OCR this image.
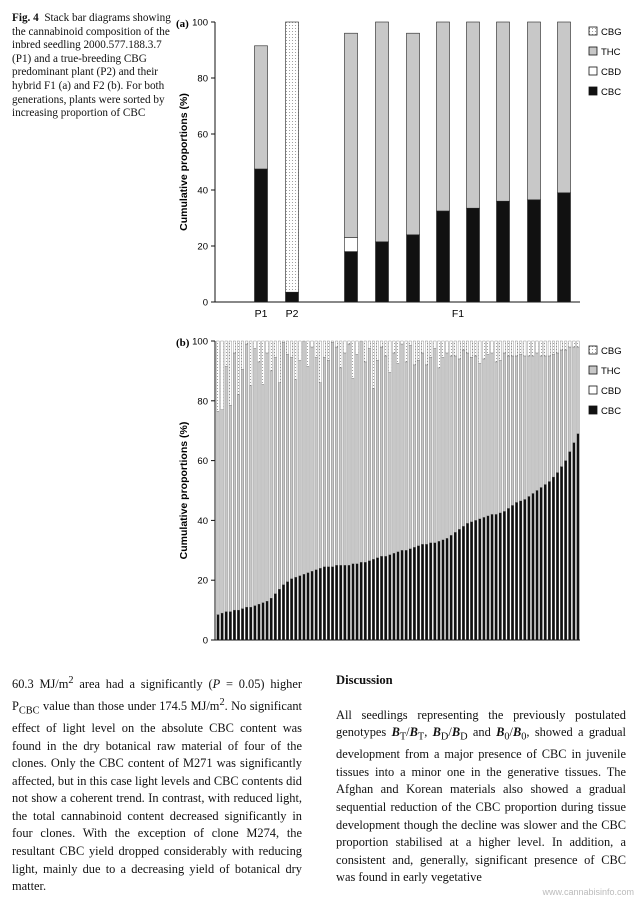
Fig. 4 Stack bar diagrams showing the cannabinoid composition of the inbred seedling 2000.577.188.3.7 (P1) and a true-breeding CBG predominant plant (P2) and their hybrid F1 (a) and F2 (b). For both generations, plants were sorted by increasing proportion of CBC
0
20
40
60
80
100
Cumulative proportions (%)
(a)
CBG
THC
CBD
CBC
P1 P2	F1
0
20
40
60
80
100
Cumulative proportions (%)
(b)
CBG
THC
CBD
CBC

60.3 $MJ/m^2$ area had a significantly (P = 0.05) higher $P_{CBC}$ value than those under 174.5 $MJ/m^2$. No significant effect of light level on the absolute CBC content was found in the dry botanical raw material of four of the clones. Only the CBC content of M271 was significantly affected, but in this case light levels and CBC contents did not show a coherent trend. In contrast, with reduced light, the total cannabinoid content decreased significantly in four clones. With the exception of clone M274, the resultant CBC yield dropped considerably with reducing light, mainly due to a decreasing yield of botanical dry matter.

Discussion

All seedlings representing the previously postulated genotypes $B_T/B_T$, $B_D/B_D$ and $B_0/B_0$, showed a gradual development from a major presence of CBC in juvenile tissues into a minor one in the generative tissues. The Afghan and Korean materials also showed a gradual sequential reduction of the CBC proportion during tissue development though the decline was slower and the CBC proportion stabilised at a higher level. In addition, a consistent and, generally, significant presence of CBC was found in early vegetative

www.cannabisinfo.com
